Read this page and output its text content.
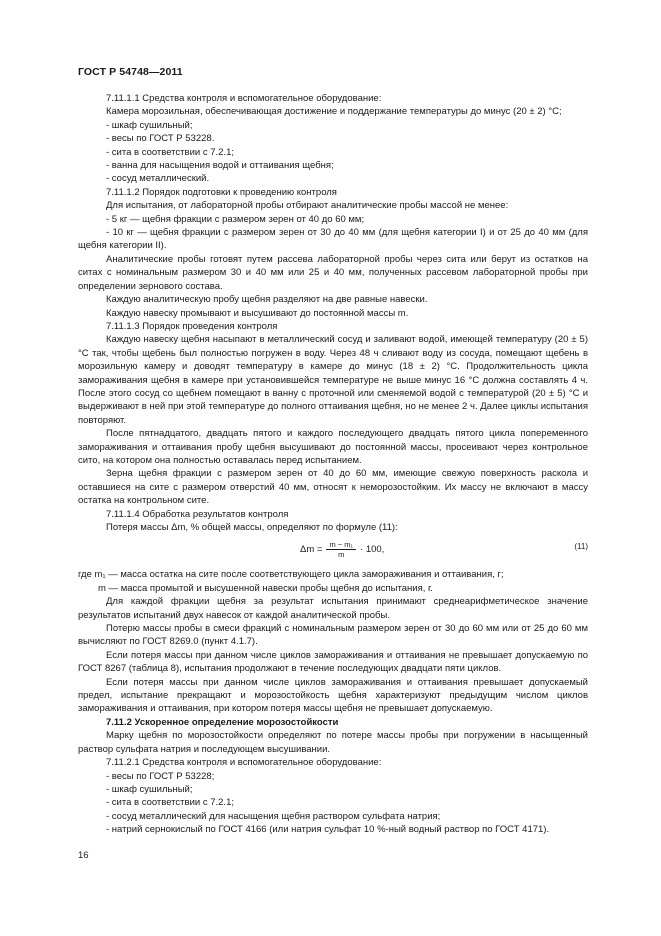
ГОСТ Р 54748—2011

7.11.1.1 Средства контроля и вспомогательное оборудование:

Камера морозильная, обеспечивающая достижение и поддержание температуры до минус (20 ± 2) °С;

- шкаф сушильный;

- весы по ГОСТ Р 53228.

- сита в соответствии с 7.2.1;

- ванна для насыщения водой и оттаивания щебня;

- сосуд металлический.

7.11.1.2 Порядок подготовки к проведению контроля

Для испытания, от лабораторной пробы отбирают аналитические пробы массой не менее:

- 5 кг — щебня фракции с размером зерен от 40 до 60 мм;

- 10 кг — щебня фракции с размером зерен от 30 до 40 мм (для щебня категории I) и от 25 до 40 мм (для щебня категории II).

Аналитические пробы готовят путем рассева лабораторной пробы через сита или берут из остатков на ситах с номинальным размером 30 и 40 мм или 25 и 40 мм, полученных рассевом лабораторной пробы при определении зернового состава.

Каждую аналитическую пробу щебня разделяют на две равные навески.

Каждую навеску промывают и высушивают до постоянной массы m.

7.11.1.3 Порядок проведения контроля

Каждую навеску щебня насыпают в металлический сосуд и заливают водой, имеющей температуру (20 ± 5) °С так, чтобы щебень был полностью погружен в воду. Через 48 ч сливают воду из сосуда, помещают щебень в морозильную камеру и доводят температуру в камере до минус (18 ± 2) °С. Продолжительность цикла замораживания щебня в камере при установившейся температуре не выше минус 16 °С должна составлять 4 ч. После этого сосуд со щебнем помещают в ванну с проточной или сменяемой водой с температурой (20 ± 5) °С и выдерживают в ней при этой температуре до полного оттаивания щебня, но не менее 2 ч. Далее циклы испытания повторяют.

После пятнадцатого, двадцать пятого и каждого последующего двадцать пятого цикла попеременного замораживания и оттаивания пробу щебня высушивают до постоянной массы, просеивают через контрольное сито, на котором она полностью оставалась перед испытанием.

Зерна щебня фракции с размером зерен от 40 до 60 мм, имеющие свежую поверхность раскола и оставшиеся на сите с размером отверстий 40 мм, относят к неморозостойким. Их массу не включают в массу остатка на контрольном сите.

7.11.1.4 Обработка результатов контроля

Потеря массы Δm, % общей массы, определяют по формуле (11):

$\Delta m = \frac{\text{m − m₁}}{m} \cdot 100$,	(11)

где m₁ — масса остатка на сите после соответствующего цикла замораживания и оттаивания, г;

m — масса промытой и высушенной навески пробы щебня до испытания, г.

Для каждой фракции щебня за результат испытания принимают среднеарифметическое значение результатов испытаний двух навесок от каждой аналитической пробы.

Потерю массы пробы в смеси фракций с номинальным размером зерен от 30 до 60 мм или от 25 до 60 мм вычисляют по ГОСТ 8269.0 (пункт 4.1.7).

Если потеря массы при данном числе циклов замораживания и оттаивания не превышает допускаемую по ГОСТ 8267 (таблица 8), испытания продолжают в течение последующих двадцати пяти циклов.

Если потеря массы при данном числе циклов замораживания и оттаивания превышает допускаемый предел, испытание прекращают и морозостойкость щебня характеризуют предыдущим числом циклов замораживания и оттаивания, при котором потеря массы щебня не превышает допускаемую.

7.11.2 Ускоренное определение морозостойкости

Марку щебня по морозостойкости определяют по потере массы пробы при погружении в насыщенный раствор сульфата натрия и последующем высушивании.

7.11.2.1 Средства контроля и вспомогательное оборудование:

- весы по ГОСТ Р 53228;

- шкаф сушильный;

- сита в соответствии с 7.2.1;

- сосуд металлический для насыщения щебня раствором сульфата натрия;

- натрий сернокислый по ГОСТ 4166 (или натрия сульфат 10 %-ный водный раствор по ГОСТ 4171).

16
